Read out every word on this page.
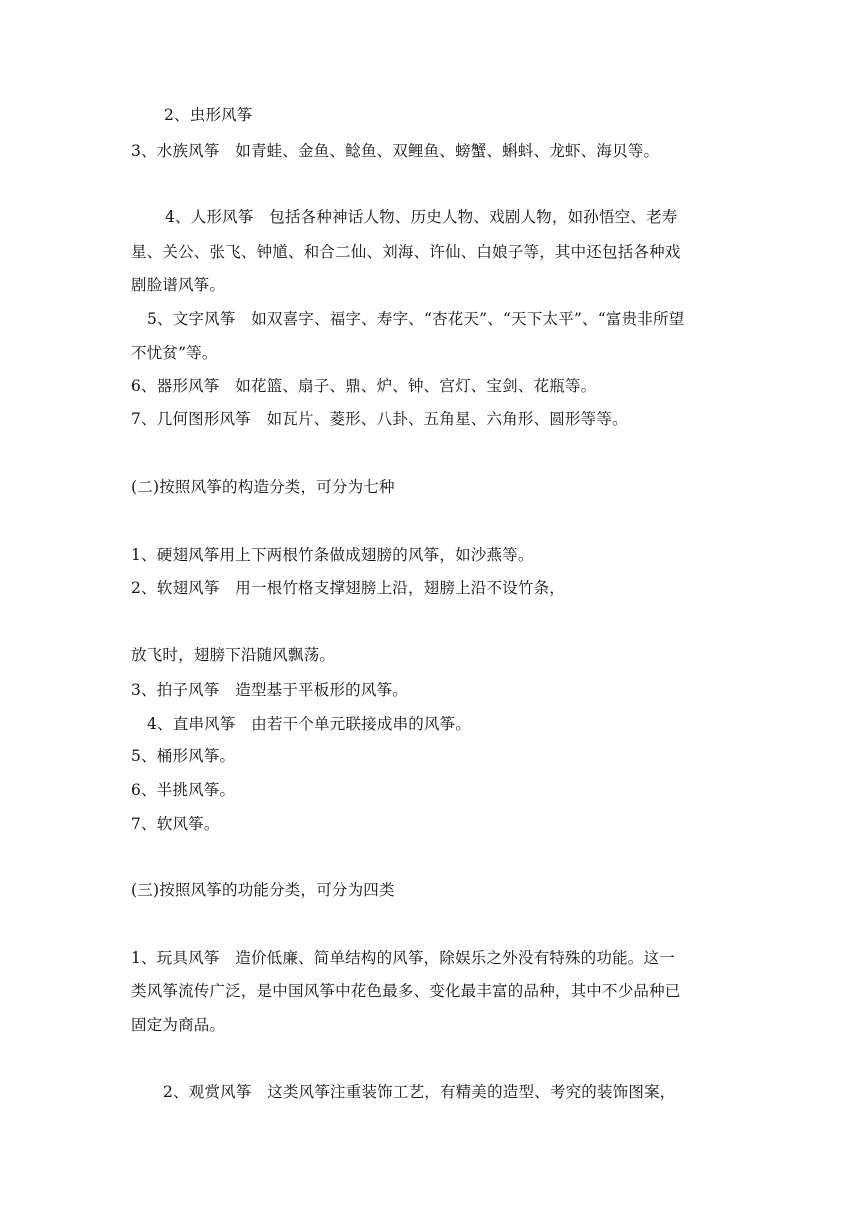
2、虫形风筝
3、水族风筝　如青蛙、金鱼、鲶鱼、双鲤鱼、螃蟹、蝌蚪、龙虾、海贝等。
4、人形风筝　包括各种神话人物、历史人物、戏剧人物，如孙悟空、老寿
星、关公、张飞、钟馗、和合二仙、刘海、许仙、白娘子等，其中还包括各种戏
剧脸谱风筝。
5、文字风筝　如双喜字、福字、寿字、“杏花天”、“天下太平”、“富贵非所望
不忧贫”等。
6、器形风筝　如花篮、扇子、鼎、炉、钟、宫灯、宝剑、花瓶等。
7、几何图形风筝　如瓦片、菱形、八卦、五角星、六角形、圆形等等。
(二)按照风筝的构造分类，可分为七种
1、硬翅风筝用上下两根竹条做成翅膀的风筝，如沙燕等。
2、软翅风筝　用一根竹格支撑翅膀上沿，翅膀上沿不设竹条，
放飞时，翅膀下沿随风飘荡。
3、拍子风筝　造型基于平板形的风筝。
4、直串风筝　由若干个单元联接成串的风筝。
5、桶形风筝。
6、半挑风筝。
7、软风筝。
(三)按照风筝的功能分类，可分为四类
1、玩具风筝　造价低廉、简单结构的风筝，除娱乐之外没有特殊的功能。这一
类风筝流传广泛，是中国风筝中花色最多、变化最丰富的品种，其中不少品种已
固定为商品。
2、观赏风筝　这类风筝注重装饰工艺，有精美的造型、考究的装饰图案，
